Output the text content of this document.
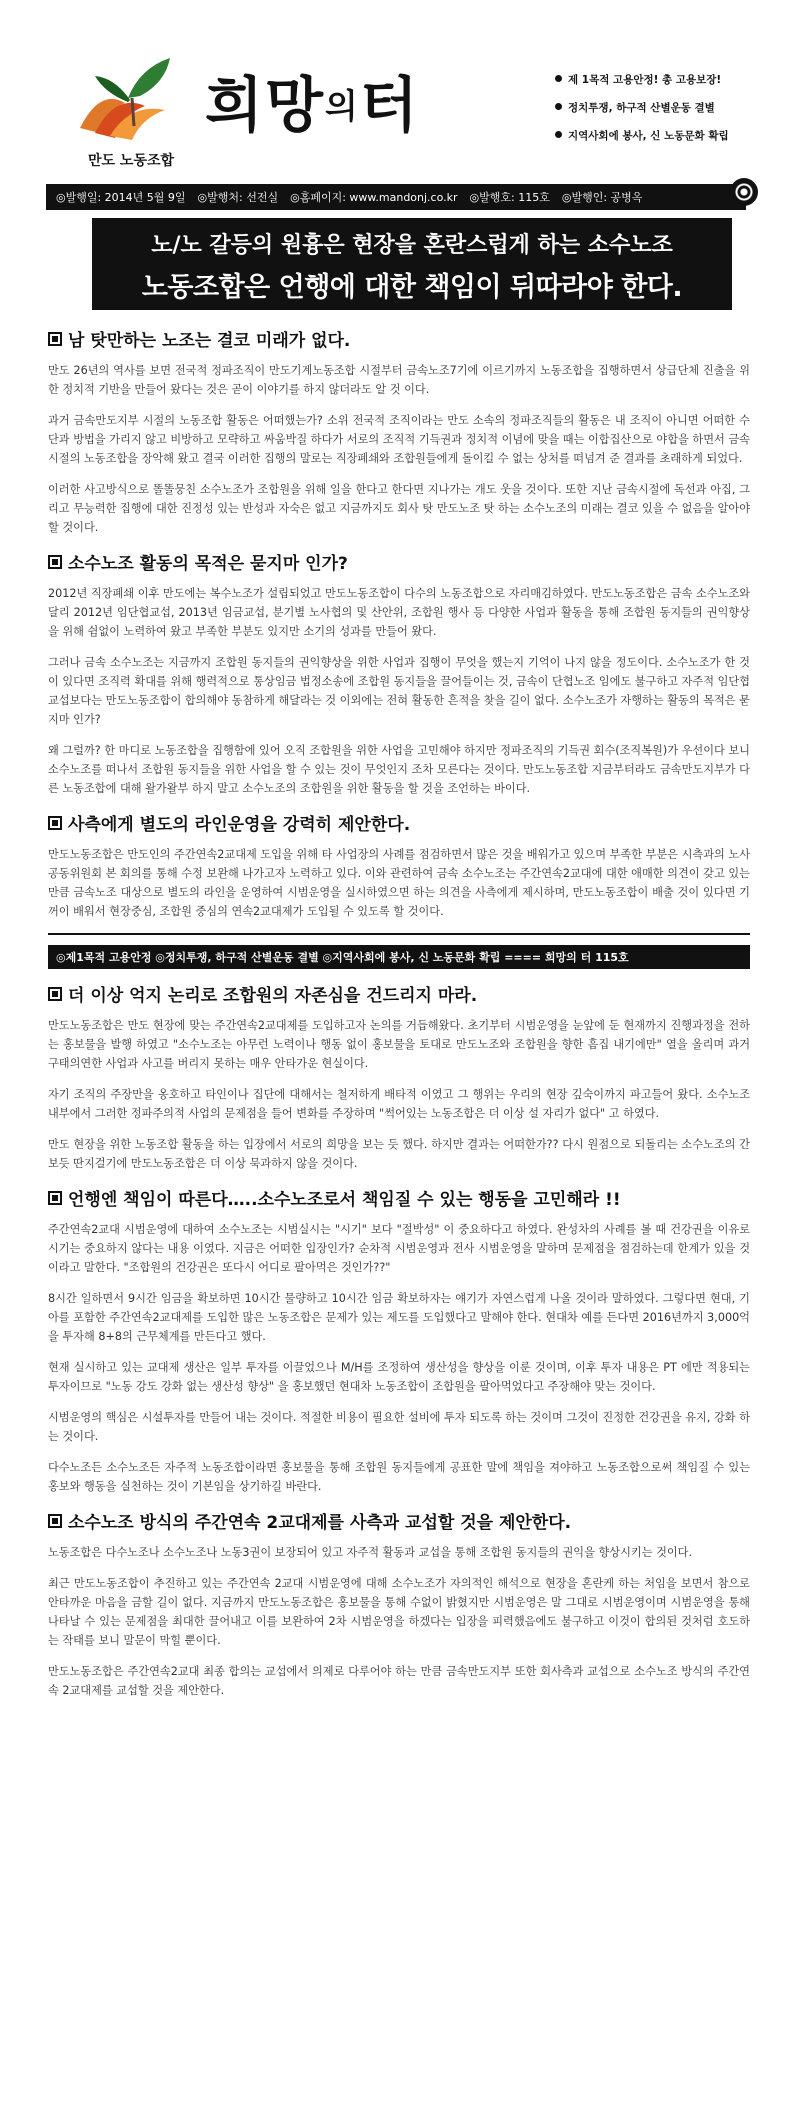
만도 노동조합
희망의터	제 1목적 고용안정! 총 고용보장!
정치투쟁, 하구적 산별운동 결별
지역사회에 봉사, 신 노동문화 확립
◎발행일: 2014년 5월 9일 ◎발행처: 선전실 ◎홈페이지: www.mandonj.co.kr ◎발행호: 115호 ◎발행인: 공병옥
노/노 갈등의 원흉은 현장을 혼란스럽게 하는 소수노조
노동조합은 언행에 대한 책임이 뒤따라야 한다.
남 탓만하는 노조는 결코 미래가 없다.

만도 26년의 역사를 보면 전국적 정파조직이 만도기계노동조합 시절부터 금속노조7기에 이르기까지 노동조합을 집행하면서 상급단체 진출을 위한 정치적 기반을 만들어 왔다는 것은 곧이 이야기를 하지 않더라도 알 것 이다.

과거 금속만도지부 시절의 노동조합 활동은 어떠했는가? 소위 전국적 조직이라는 만도 소속의 정파조직들의 활동은 내 조직이 아니면 어떠한 수단과 방법을 가리지 않고 비방하고 모략하고 싸움박질 하다가 서로의 조직적 기득권과 정치적 이념에 맞을 때는 이합집산으로 야합을 하면서 금속시절의 노동조합을 장악해 왔고 결국 이러한 집행의 말로는 직장폐쇄와 조합원들에게 돌이킬 수 없는 상처를 떠넘겨 준 결과를 초래하게 되었다.

이러한 사고방식으로 똘똘뭉친 소수노조가 조합원을 위해 일을 한다고 한다면 지나가는 개도 웃을 것이다. 또한 지난 금속시절에 독선과 아집, 그리고 무능력한 집행에 대한 진정성 있는 반성과 자숙은 없고 지금까지도 회사 탓 만도노조 탓 하는 소수노조의 미래는 결코 있을 수 없음을 알아야 할 것이다.

소수노조 활동의 목적은 묻지마 인가?

2012년 직장폐쇄 이후 만도에는 복수노조가 설립되었고 만도노동조합이 다수의 노동조합으로 자리매김하였다. 만도노동조합은 금속 소수노조와 달리 2012년 임단협교섭, 2013년 임금교섭, 분기별 노사협의 및 산안위, 조합원 행사 등 다양한 사업과 활동을 통해 조합원 동지들의 권익향상을 위해 쉼없이 노력하여 왔고 부족한 부분도 있지만 소기의 성과를 만들어 왔다.

그러나 금속 소수노조는 지금까지 조합원 동지들의 권익향상을 위한 사업과 집행이 무엇을 했는지 기억이 나지 않을 정도이다. 소수노조가 한 것이 있다면 조직력 확대를 위해 행력적으로 통상임금 법정소송에 조합원 동지들을 끌어들이는 것, 금속이 단협노조 임에도 불구하고 자주적 임단협 교섭보다는 만도노동조합이 합의해야 동참하게 해달라는 것 이외에는 전혀 활동한 흔적을 찾을 길이 없다. 소수노조가 자행하는 활동의 목적은 묻지마 인가?

왜 그럴까? 한 마디로 노동조합을 집행함에 있어 오직 조합원을 위한 사업을 고민해야 하지만 정파조직의 기득권 회수(조직복원)가 우선이다 보니 소수노조를 떠나서 조합원 동지들을 위한 사업을 할 수 있는 것이 무엇인지 조차 모른다는 것이다. 만도노동조합 지금부터라도 금속만도지부가 다른 노동조합에 대해 왈가왈부 하지 말고 소수노조의 조합원을 위한 활동을 할 것을 조언하는 바이다.

사측에게 별도의 라인운영을 강력히 제안한다.

만도노동조합은 만도인의 주간연속2교대제 도입을 위해 타 사업장의 사례를 점검하면서 많은 것을 배워가고 있으며 부족한 부분은 시측과의 노사공동위원회 본 회의를 통해 수정 보완해 나가고자 노력하고 있다. 이와 관련하여 금속 소수노조는 주간연속2교대에 대한 애매한 의견이 갖고 있는 만큼 금속노조 대상으로 별도의 라인을 운영하여 시범운영을 실시하였으면 하는 의견을 사측에게 제시하며, 만도노동조합이 배출 것이 있다면 기꺼이 배워서 현장중심, 조합원 중심의 연속2교대제가 도입될 수 있도록 할 것이다.

◎제1목적 고용안정 ◎정치투쟁, 하구적 산별운동 결별 ◎지역사회에 봉사, 신 노동문화 확립 ==== 희망의 터 115호
더 이상 억지 논리로 조합원의 자존심을 건드리지 마라.

만도노동조합은 만도 현장에 맞는 주간연속2교대제를 도입하고자 논의를 거듭해왔다. 초기부터 시범운영을 눈앞에 둔 현재까지 진행과정을 전하는 홍보물을 발행 하였고 "소수노조는 아무런 노력이나 행동 없이 홍보물을 토대로 만도노조와 조합원을 향한 흠집 내기에만" 열을 올리며 과거 구태의연한 사업과 사고를 버리지 못하는 매우 안타가운 현실이다.

자기 조직의 주장만을 옹호하고 타인이나 집단에 대해서는 철저하게 배타적 이였고 그 행위는 우리의 현장 깊숙이까지 파고들어 왔다. 소수노조 내부에서 그러한 정파주의적 사업의 문제점을 들어 변화를 주장하며 "썩어있는 노동조합은 더 이상 설 자리가 없다" 고 하였다.

만도 현장을 위한 노동조합 활동을 하는 입장에서 서로의 희망을 보는 듯 했다. 하지만 결과는 어떠한가?? 다시 원점으로 되돌리는 소수노조의 간보듯 딴지걸기에 만도노동조합은 더 이상 묵과하지 않을 것이다.

언행엔 책임이 따른다…..소수노조로서 책임질 수 있는 행동을 고민해라 !!

주간연속2교대 시범운영에 대하여 소수노조는 시범실시는 "시기" 보다 "절박성" 이 중요하다고 하였다. 완성차의 사례를 볼 때 건강권을 이유로 시기는 중요하지 않다는 내용 이였다. 지금은 어떠한 입장인가? 순차적 시범운영과 전사 시범운영을 말하며 문제점을 점검하는데 한계가 있을 것이라고 말한다. "조합원의 건강권은 또다시 어디로 팔아먹은 것인가??"

8시간 일하면서 9시간 임금을 확보하면 10시간 물량하고 10시간 임금 확보하자는 얘기가 자연스럽게 나올 것이라 말하였다. 그렇다면 현대, 기아를 포함한 주간연속2교대제를 도입한 많은 노동조합은 문제가 있는 제도를 도입했다고 말해야 한다. 현대차 예를 든다면 2016년까지 3,000억을 투자해 8+8의 근무체계를 만든다고 했다.

현재 실시하고 있는 교대제 생산은 일부 투자를 이끌었으나 M/H를 조정하여 생산성을 향상을 이룬 것이며, 이후 투자 내용은 PT 에만 적용되는 투자이므로 "노동 강도 강화 없는 생산성 향상" 을 홍보했던 현대차 노동조합이 조합원을 팔아먹었다고 주장해야 맞는 것이다.

시범운영의 핵심은 시설투자를 만들어 내는 것이다. 적절한 비용이 필요한 설비에 투자 되도록 하는 것이며 그것이 진정한 건강권을 유지, 강화 하는 것이다.

다수노조든 소수노조든 자주적 노동조합이라면 홍보물을 통해 조합원 동지들에게 공표한 말에 책임을 져야하고 노동조합으로써 책임질 수 있는 홍보와 행동을 실천하는 것이 기본임을 상기하길 바란다.

소수노조 방식의 주간연속 2교대제를 사측과 교섭할 것을 제안한다.

노동조합은 다수노조나 소수노조나 노동3권이 보장되어 있고 자주적 활동과 교섭을 통해 조합원 동지들의 권익을 향상시키는 것이다.

최근 만도노동조합이 추진하고 있는 주간연속 2교대 시범운영에 대해 소수노조가 자의적인 해석으로 현장을 혼란케 하는 처임을 보면서 참으로 안타까운 마음을 금할 길이 없다. 지금까지 만도노동조합은 홍보물을 통해 수없이 밝혔지만 시범운영은 말 그대로 시범운영이며 시범운영을 통해 나타날 수 있는 문제점을 최대한 끌어내고 이를 보완하여 2차 시범운영을 하겠다는 입장을 피력했음에도 불구하고 이것이 합의된 것처럼 호도하는 작태를 보니 말문이 막힐 뿐이다.

만도노동조합은 주간연속2교대 최종 합의는 교섭에서 의제로 다루어야 하는 만큼 금속만도지부 또한 회사측과 교섭으로 소수노조 방식의 주간연속 2교대제를 교섭할 것을 제안한다.
